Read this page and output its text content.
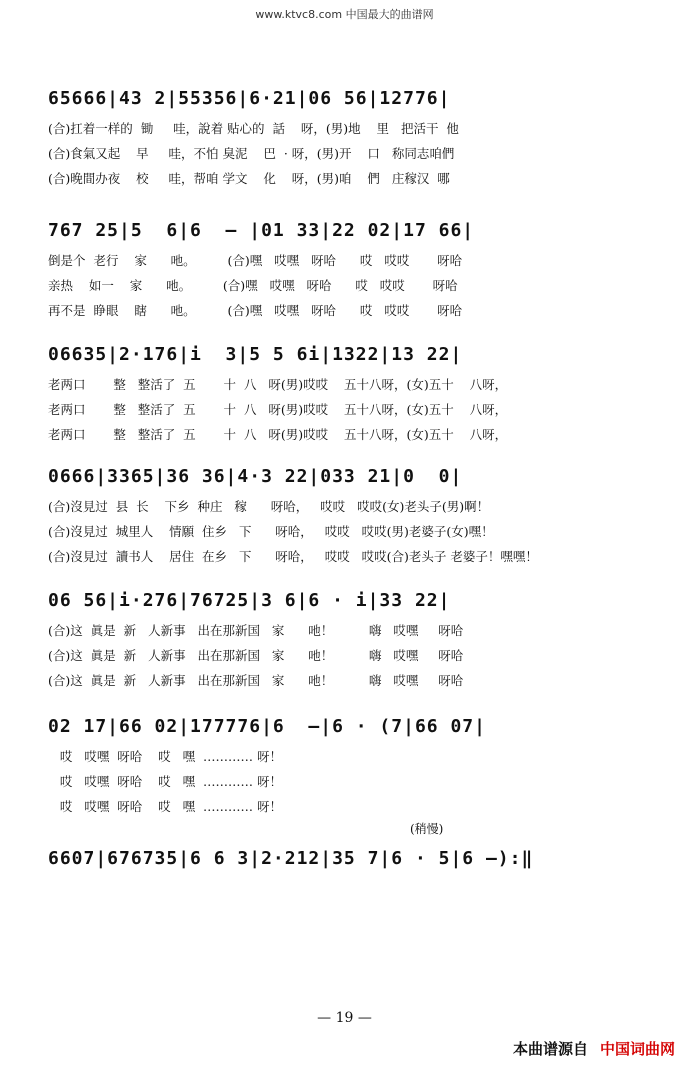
www.ktvc8.com 中国最大的曲谱网
65666|43 2|55356|6·21|06 56|12776|
(合)扛着一样的  锄     哇，說着 贴心的  話    呀，(男)地    里   把活干  他
(合)食氣又起    早     哇，不怕 臭泥    巴  · 呀，(男)开    口   称同志咱們
(合)晚間办夜    校     哇，帮咱 学文    化    呀，(男)咱    們   庄稼汉  哪
767 25|5  6|6  — |01 33|22 02|17 66|
倒是个  老行    家      吔。        (合)嘿   哎嘿   呀哈      哎   哎哎       呀哈
亲热    如一    家      吔。        (合)嘿   哎嘿   呀哈      哎   哎哎       呀哈
再不是  睁眼    瞎      吔。        (合)嘿   哎嘿   呀哈      哎   哎哎       呀哈
06635|2·176|i  3|5 5 6i|1322|13 22|
老两口       整   整活了  五       十  八   呀(男)哎哎    五十八呀，(女)五十    八呀，
老两口       整   整活了  五       十  八   呀(男)哎哎    五十八呀，(女)五十    八呀，
老两口       整   整活了  五       十  八   呀(男)哎哎    五十八呀，(女)五十    八呀，
0666|3365|36 36|4·3 22|033 21|0  0|
(合)沒見过  县  长    下乡  种庄   稼      呀哈，   哎哎   哎哎(女)老头子(男)啊！
(合)沒見过  城里人    情願  住乡   下      呀哈，   哎哎   哎哎(男)老婆子(女)嘿！
(合)沒見过  讀书人    居住  在乡   下      呀哈，   哎哎   哎哎(合)老头子 老婆子！嘿嘿！
06 56|i·276|76725|3 6|6 · i|33 22|
(合)这  眞是  新   人新事   出在那新国   家      吔！         嗨   哎嘿     呀哈
(合)这  眞是  新   人新事   出在那新国   家      吔！         嗨   哎嘿     呀哈
(合)这  眞是  新   人新事   出在那新国   家      吔！         嗨   哎嘿     呀哈
02 17|66 02|177776|6  —|6 · (7|66 07|
哎   哎嘿  呀哈    哎   嘿  ………… 呀！
哎   哎嘿  呀哈    哎   嘿  ………… 呀！
哎   哎嘿  呀哈    哎   嘿  ………… 呀！
(稍慢)
6607|676735|6 6 3|2·212|35 7|6 · 5|6 —):‖
— 19 —
本曲谱源自 中国词曲网
